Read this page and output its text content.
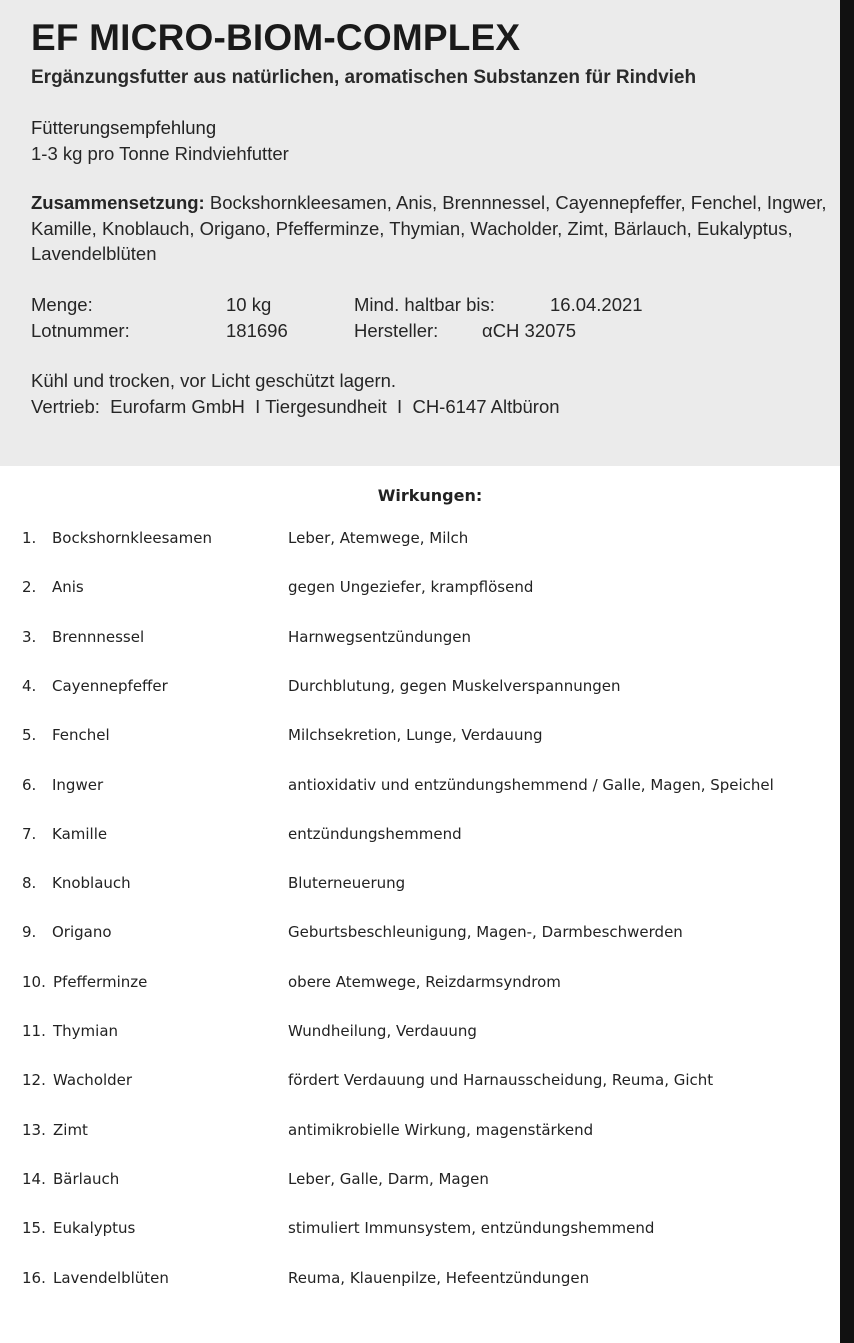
EF MICRO-BIOM-COMPLEX
Ergänzungsfutter aus natürlichen, aromatischen Substanzen für Rindvieh
Fütterungsempfehlung
1-3 kg pro Tonne Rindviehfutter
Zusammensetzung: Bockshornkleesamen, Anis, Brennnessel, Cayennepfeffer, Fenchel, Ingwer, Kamille, Knoblauch, Origano, Pfefferminze, Thymian, Wacholder, Zimt, Bärlauch, Eukalyptus, Lavendelblüten
Menge:	10 kg	Mind. haltbar bis:	16.04.2021
Lotnummer:	181696	Hersteller: αCH 32075
Kühl und trocken, vor Licht geschützt lagern.
Vertrieb:  Eurofarm GmbH  I Tiergesundheit  I  CH-6147 Altbüron
Wirkungen:
1. Bockshornkleesamen	Leber, Atemwege, Milch
2. Anis	gegen Ungeziefer, krampflösend
3. Brennnessel	Harnwegsentzündungen
4. Cayennepfeffer	Durchblutung, gegen Muskelverspannungen
5. Fenchel	Milchsekretion, Lunge, Verdauung
6. Ingwer	antioxidativ und entzündungshemmend / Galle, Magen, Speichel
7. Kamille	entzündungshemmend
8. Knoblauch	Bluterneuerung
9. Origano	Geburtsbeschleunigung, Magen-, Darmbeschwerden
10. Pfefferminze	obere Atemwege, Reizdarmsyndrom
11. Thymian	Wundheilung, Verdauung
12. Wacholder	fördert Verdauung und Harnausscheidung, Reuma, Gicht
13. Zimt	antimikrobielle Wirkung, magenstärkend
14. Bärlauch	Leber, Galle, Darm, Magen
15. Eukalyptus	stimuliert Immunsystem, entzündungshemmend
16. Lavendelblüten	Reuma, Klauenpilze, Hefeentzündungen
